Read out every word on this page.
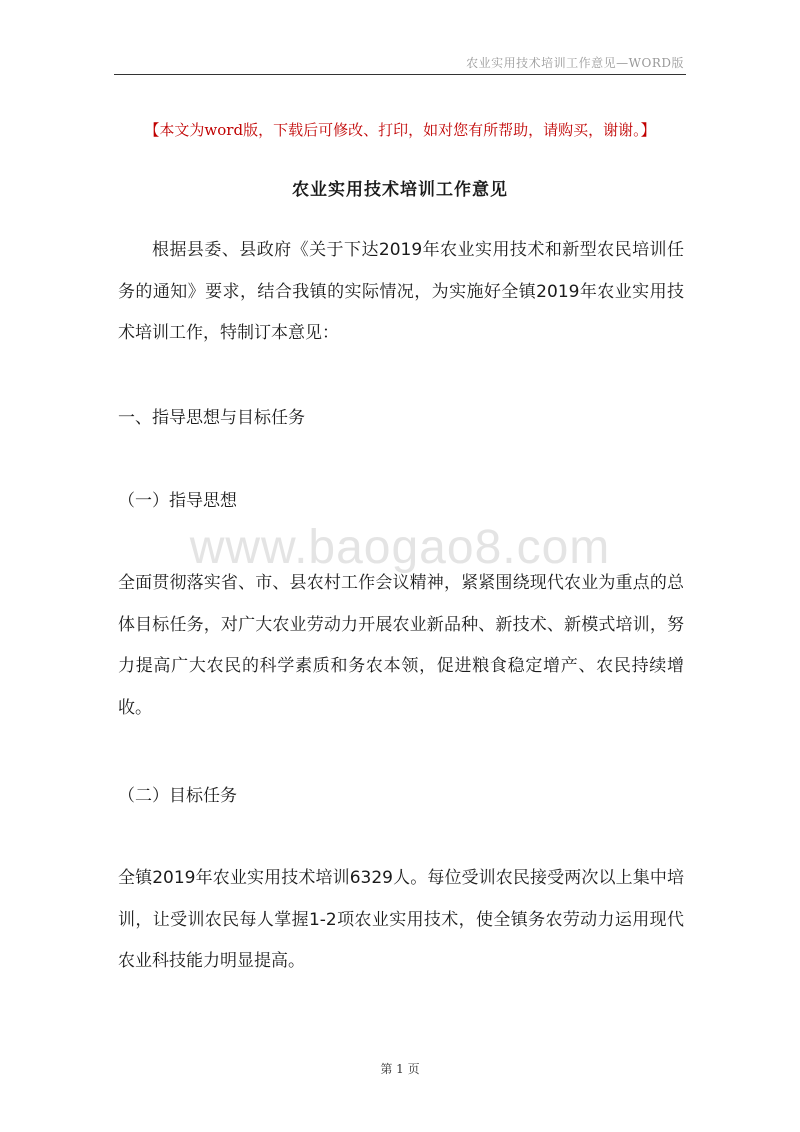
农业实用技术培训工作意见—WORD版
【本文为word版，下载后可修改、打印，如对您有所帮助，请购买，谢谢。】
农业实用技术培训工作意见

根据县委、县政府《关于下达2019年农业实用技术和新型农民培训任务的通知》要求，结合我镇的实际情况，为实施好全镇2019年农业实用技术培训工作，特制订本意见：

一、指导思想与目标任务
（一）指导思想
www.baogao8.com

全面贯彻落实省、市、县农村工作会议精神，紧紧围绕现代农业为重点的总体目标任务，对广大农业劳动力开展农业新品种、新技术、新模式培训，努力提高广大农民的科学素质和务农本领，促进粮食稳定增产、农民持续增收。

（二）目标任务

全镇2019年农业实用技术培训6329人。每位受训农民接受两次以上集中培训，让受训农民每人掌握1-2项农业实用技术，使全镇务农劳动力运用现代农业科技能力明显提高。

第 1 页
